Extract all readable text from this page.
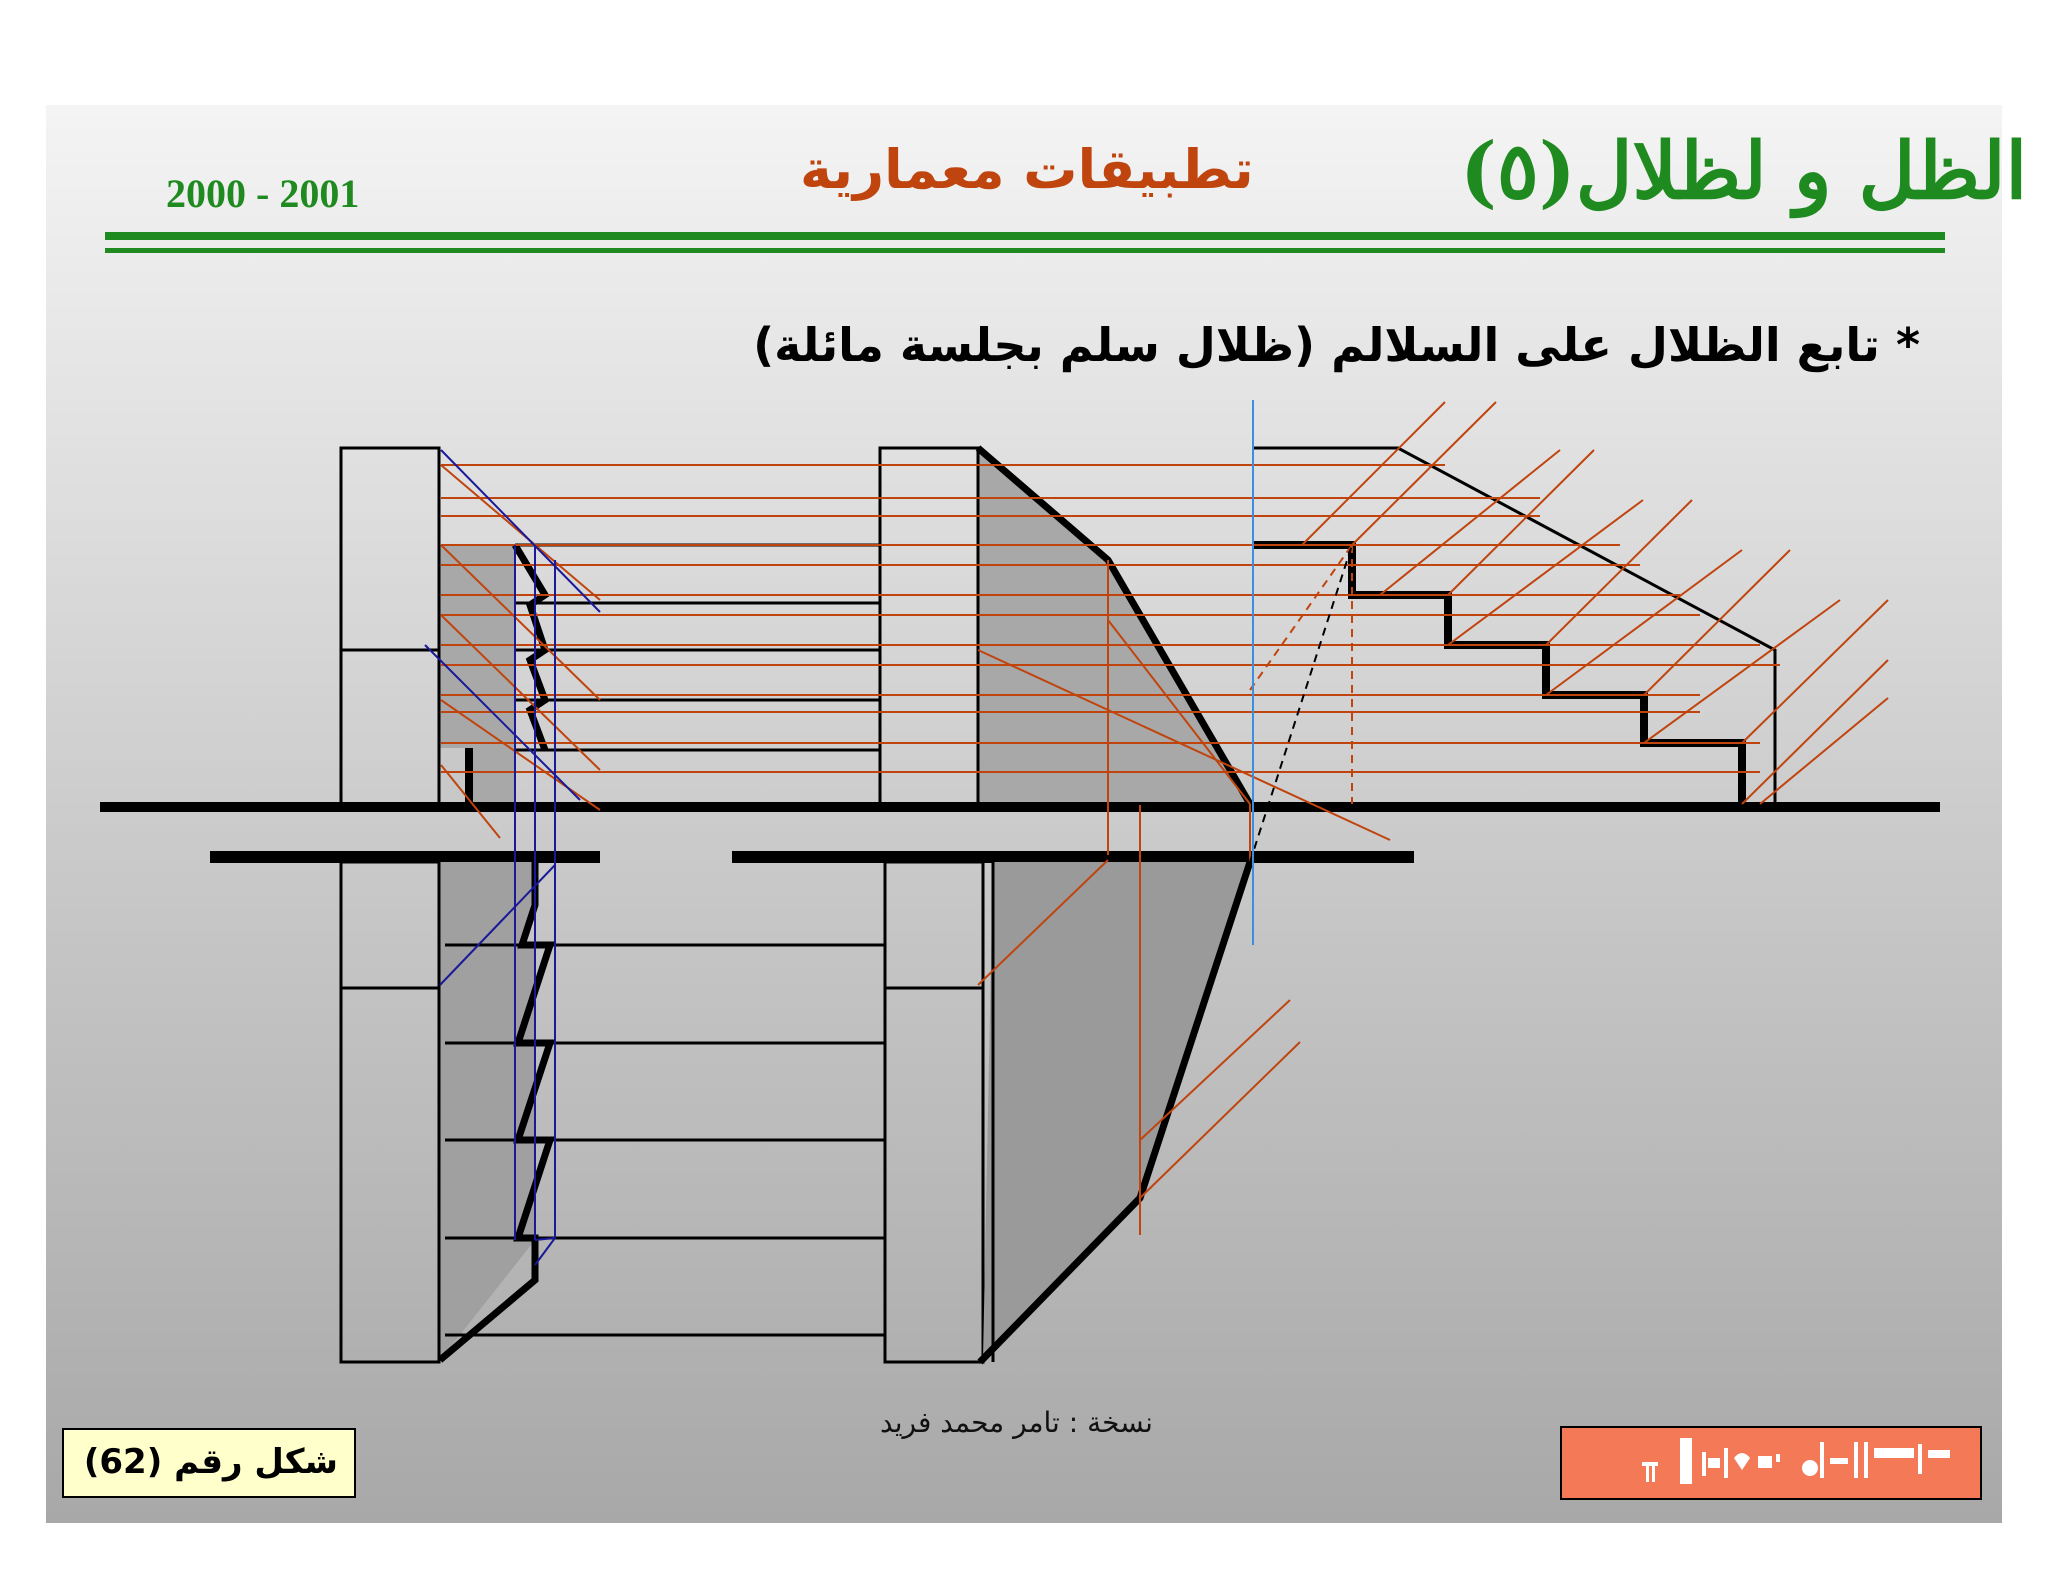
2000 - 2001	تطبيقات معمارية	الظل و لظلال(٥)
* تابع الظلال على السلالم (ظلال سلم بجلسة مائلة)
نسخة : تامر محمد فريد
شكل رقم (62)
